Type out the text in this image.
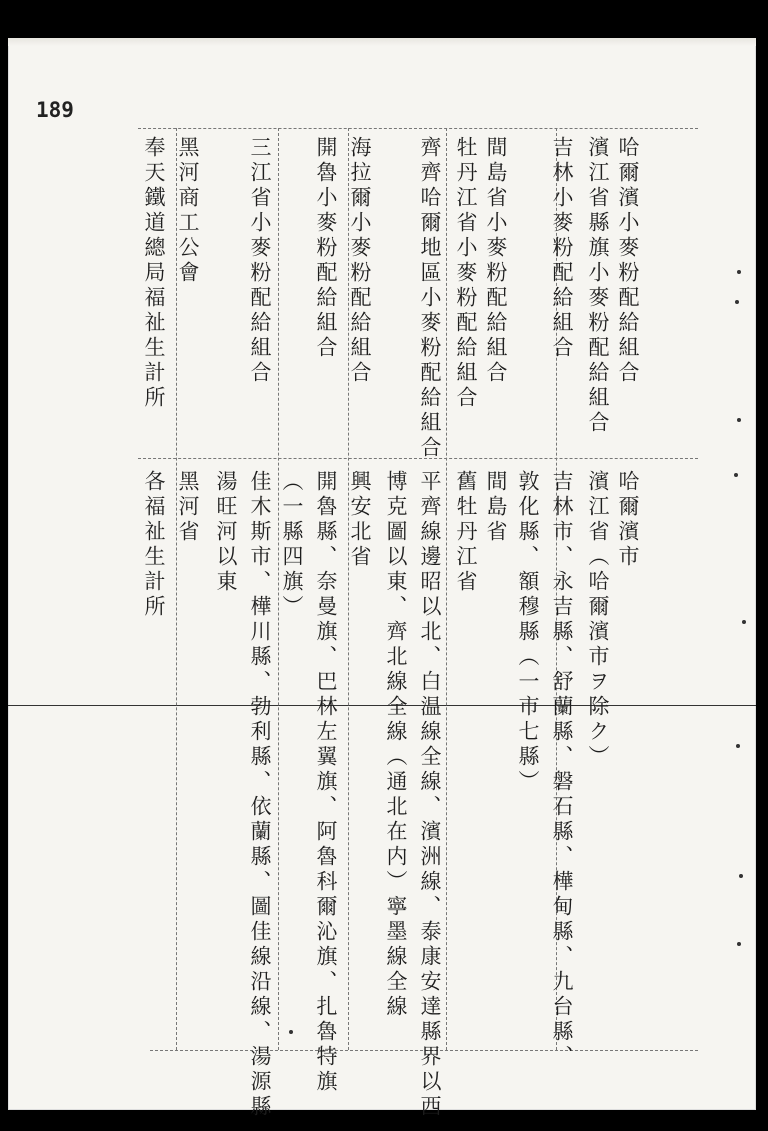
189
哈爾濱小麥粉配給組合
濱江省縣旗小麥粉配給組合
吉林小麥粉配給組合
間島省小麥粉配給組合
牡丹江省小麥粉配給組合
齊齊哈爾地區小麥粉配給組合
海拉爾小麥粉配給組合
開魯小麥粉配給組合
三江省小麥粉配給組合
黑河商工公會
奉天鐵道總局福祉生計所
哈爾濱市
濱江省（哈爾濱市ヲ除ク）
吉林市、永吉縣、舒蘭縣、磐石縣、樺甸縣、九台縣、
敦化縣、額穆縣（一市七縣）
間島省
舊牡丹江省
平齊線邊昭以北、白温線全線、濱洲線、泰康安達縣界以西
博克圖以東、齊北線全線（通北在内）寧墨線全線
興安北省
開魯縣、奈曼旗、巴林左翼旗、阿魯科爾沁旗、扎魯特旗
（一縣四旗）
佳木斯市、樺川縣、勃利縣、依蘭縣、圖佳線沿線、湯源縣
湯旺河以東
黑河省
各福祉生計所
